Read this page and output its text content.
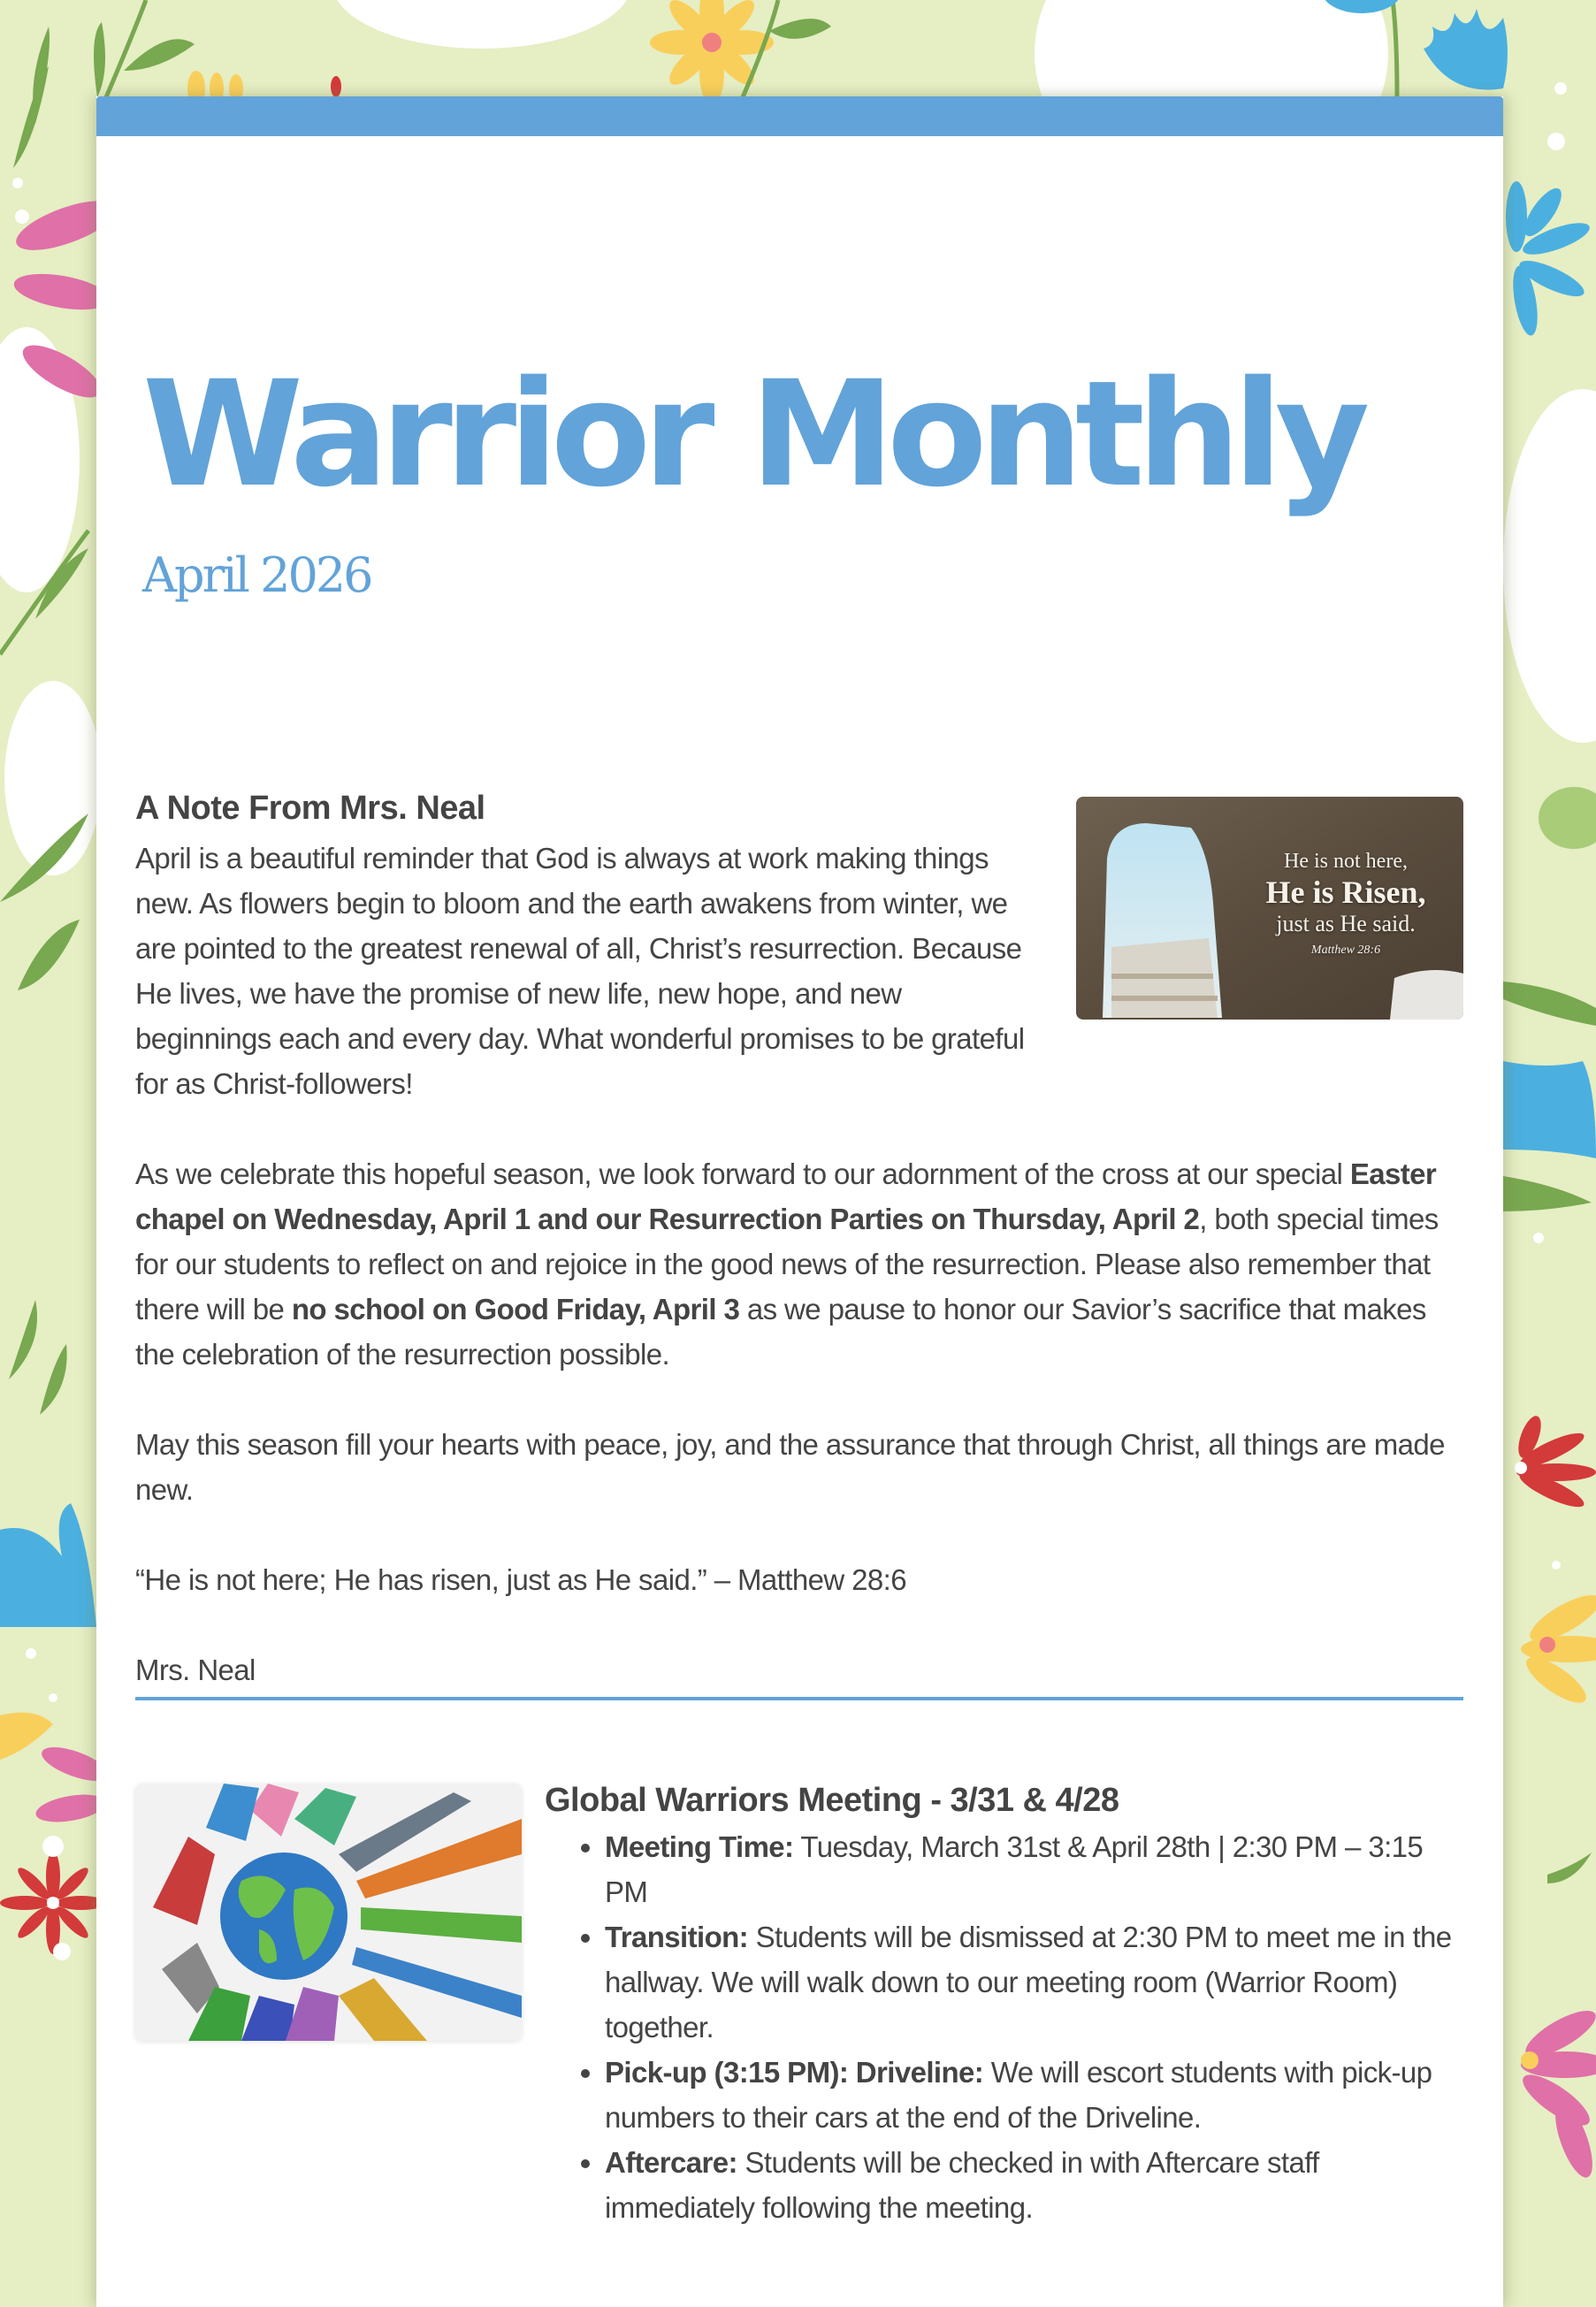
Warrior Monthly
April 2026
He is not here,
He is Risen,
just as He said.
Matthew 28:6
A Note From Mrs. Neal

April is a beautiful reminder that God is always at work making things new. As flowers begin to bloom and the earth awakens from winter, we are pointed to the greatest renewal of all, Christ’s resurrection. Because He lives, we have the promise of new life, new hope, and new beginnings each and every day. What wonderful promises to be grateful for as Christ-followers!

As we celebrate this hopeful season, we look forward to our adornment of the cross at our special Easter chapel on Wednesday, April 1 and our Resurrection Parties on Thursday, April 2, both special times for our students to reflect on and rejoice in the good news of the resurrection. Please also remember that there will be no school on Good Friday, April 3 as we pause to honor our Savior’s sacrifice that makes the celebration of the resurrection possible.

May this season fill your hearts with peace, joy, and the assurance that through Christ, all things are made new.

“He is not here; He has risen, just as He said.” – Matthew 28:6

Mrs. Neal

Global Warriors Meeting - 3/31 & 4/28
• Meeting Time: Tuesday, March 31st & April 28th | 2:30 PM – 3:15 PM
• Transition: Students will be dismissed at 2:30 PM to meet me in the hallway. We will walk down to our meeting room (Warrior Room) together.
• Pick-up (3:15 PM): Driveline: We will escort students with pick-up numbers to their cars at the end of the Driveline.
• Aftercare: Students will be checked in with Aftercare staff immediately following the meeting.
